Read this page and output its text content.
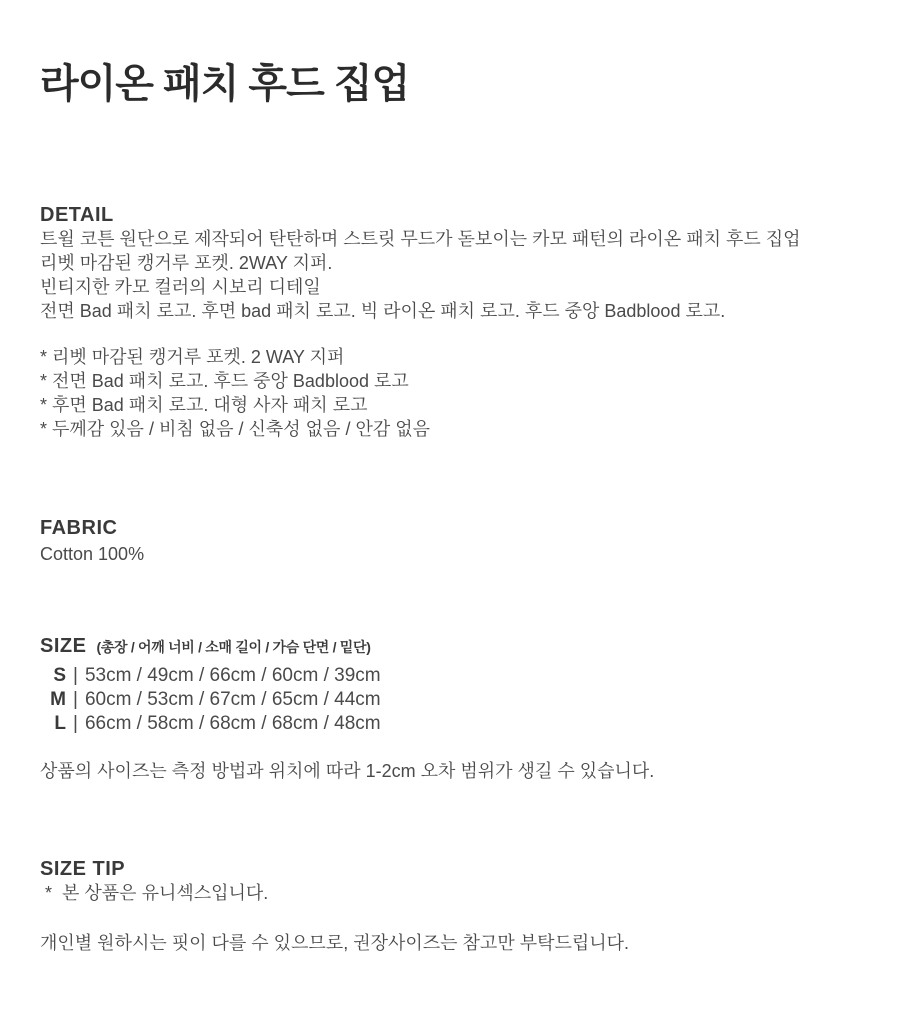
라이온 패치 후드 집업
DETAIL
트윌 코튼 원단으로 제작되어 탄탄하며 스트릿 무드가 돋보이는 카모 패턴의 라이온 패치 후드 집업
리벳 마감된 캥거루 포켓. 2WAY 지퍼.
빈티지한 카모 컬러의 시보리 디테일
전면 Bad 패치 로고. 후면 bad 패치 로고. 빅 라이온 패치 로고. 후드 중앙 Badblood 로고.
* 리벳 마감된 캥거루 포켓. 2 WAY 지퍼
* 전면 Bad 패치 로고. 후드 중앙 Badblood 로고
* 후면 Bad 패치 로고. 대형 사자 패치 로고
* 두께감 있음 / 비침 없음 / 신축성 없음 / 안감 없음
FABRIC
Cotton 100%
SIZE (총장 / 어깨 너비 / 소매 길이 / 가슴 단면 / 밑단)
S | 53cm / 49cm / 66cm / 60cm / 39cm
M | 60cm / 53cm / 67cm / 65cm / 44cm
L | 66cm / 58cm / 68cm / 68cm / 48cm

상품의 사이즈는 측정 방법과 위치에 따라 1-2cm 오차 범위가 생길 수 있습니다.

SIZE TIP

*  본 상품은 유니섹스입니다.

개인별 원하시는 핏이 다를 수 있으므로, 권장사이즈는 참고만 부탁드립니다.
